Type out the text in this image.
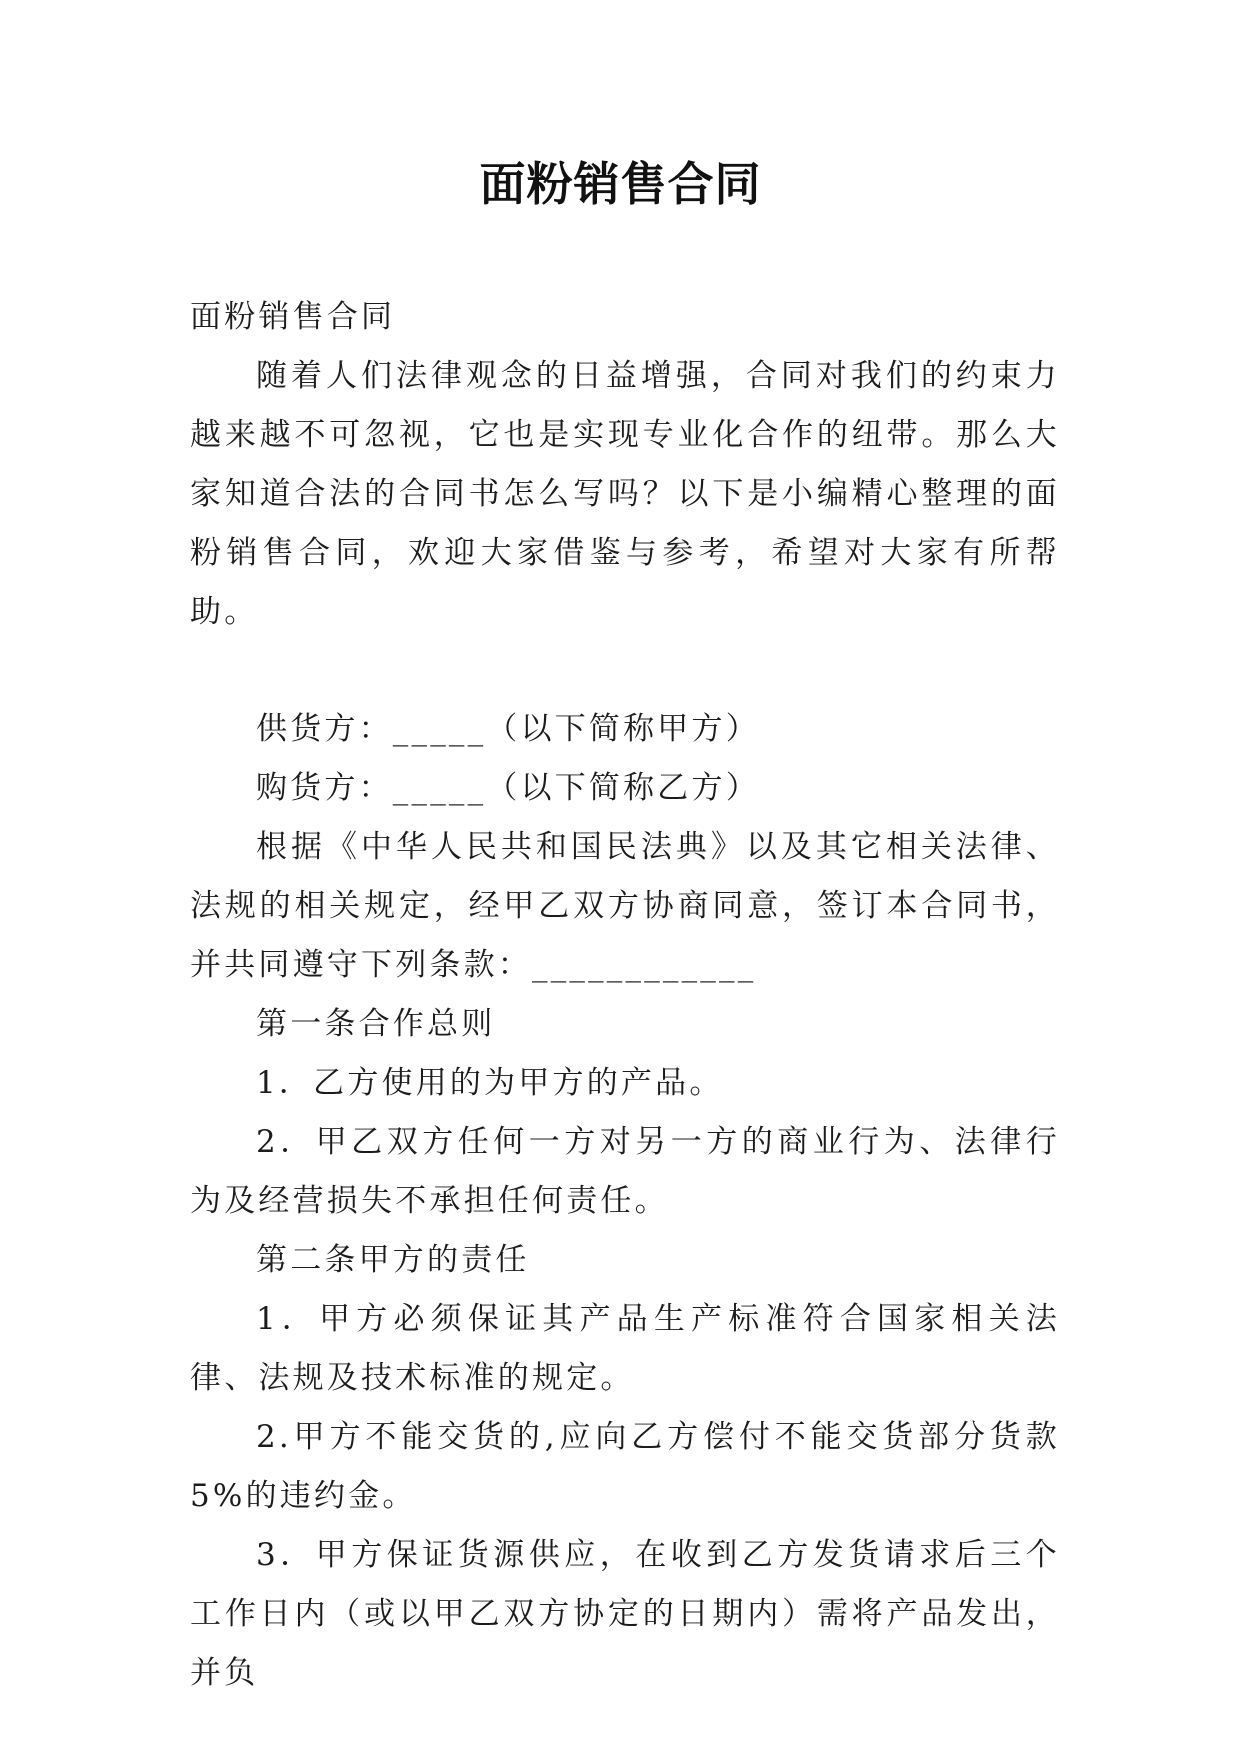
面粉销售合同

面粉销售合同

随着人们法律观念的日益增强，合同对我们的约束力越来越不可忽视，它也是实现专业化合作的纽带。那么大家知道合法的合同书怎么写吗？以下是小编精心整理的面粉销售合同，欢迎大家借鉴与参考，希望对大家有所帮助。

供货方：_____（以下简称甲方）

购货方：_____（以下简称乙方）

根据《中华人民共和国民法典》以及其它相关法律、法规的相关规定，经甲乙双方协商同意，签订本合同书，并共同遵守下列条款：____________

第一条合作总则

1．乙方使用的为甲方的产品。

2．甲乙双方任何一方对另一方的商业行为、法律行为及经营损失不承担任何责任。

第二条甲方的责任

1．甲方必须保证其产品生产标准符合国家相关法律、法规及技术标准的规定。

2.甲方不能交货的,应向乙方偿付不能交货部分货款5%的违约金。

3．甲方保证货源供应，在收到乙方发货请求后三个工作日内（或以甲乙双方协定的日期内）需将产品发出，并负
